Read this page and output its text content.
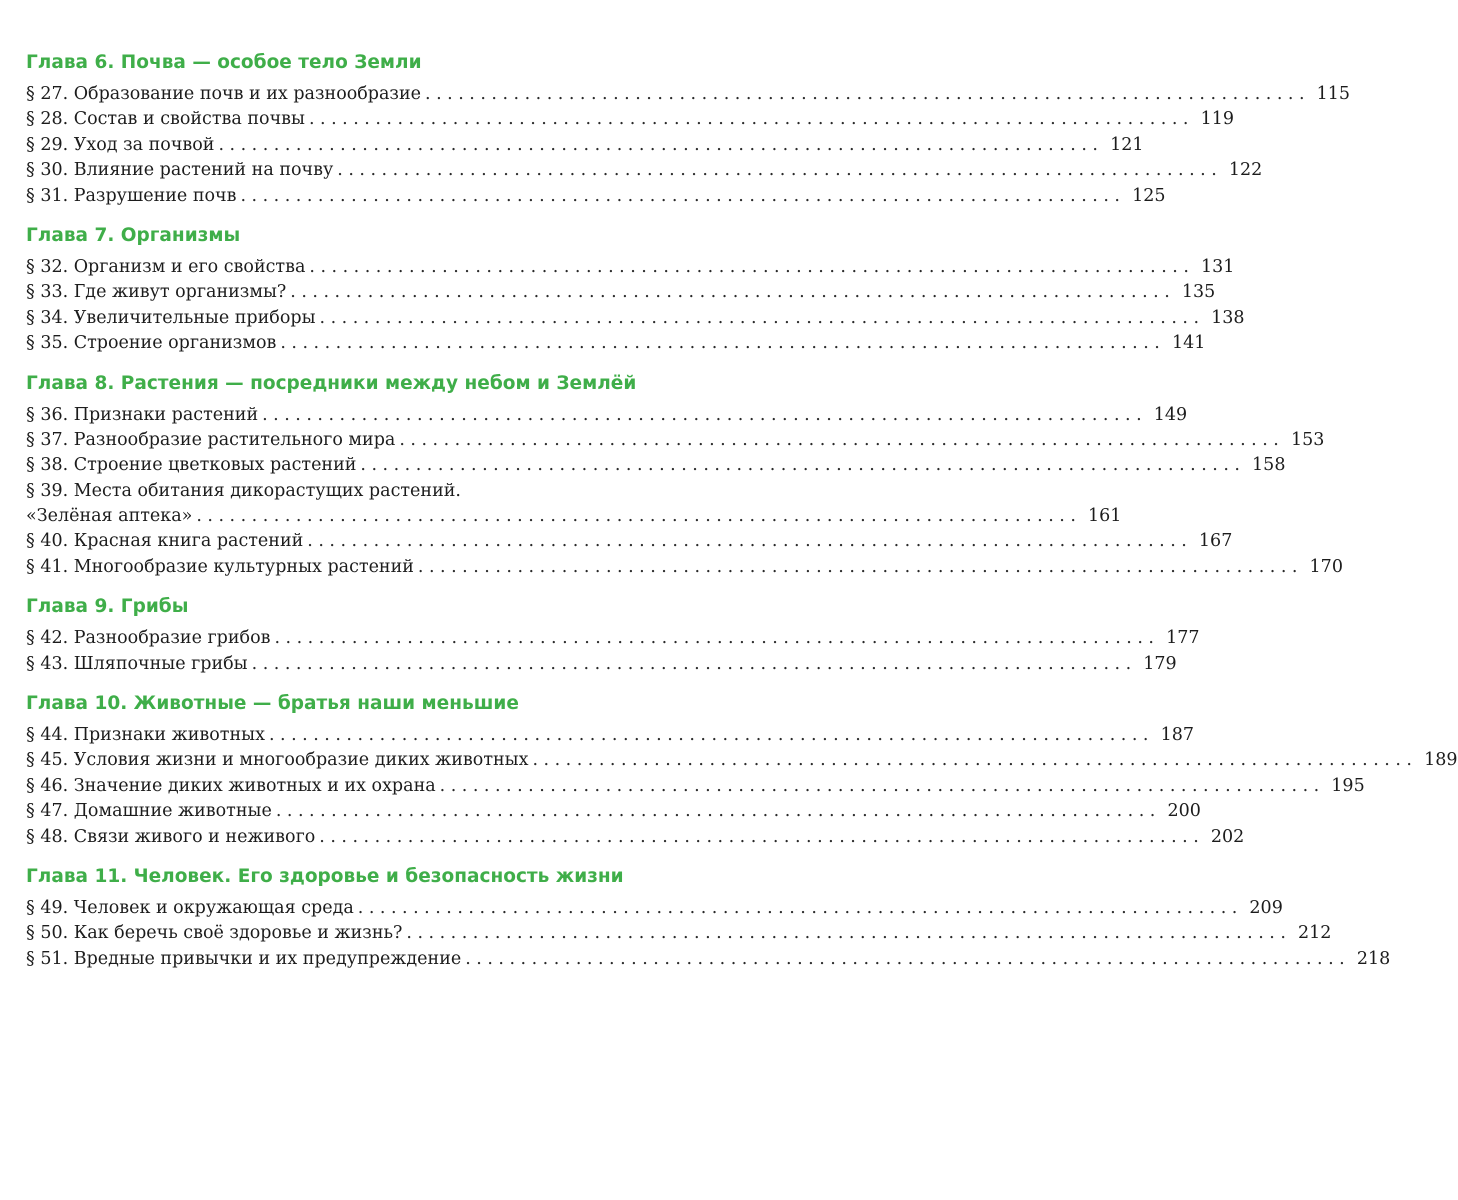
Глава 6. Почва — особое тело Земли
§ 27. Образование почв и их разнообразие ................................................................................ 115
§ 28. Состав и свойства почвы ................................................................................ 119
§ 29. Уход за почвой ................................................................................ 121
§ 30. Влияние растений на почву ................................................................................ 122
§ 31. Разрушение почв ................................................................................ 125
Глава 7. Организмы
§ 32. Организм и его свойства ................................................................................ 131
§ 33. Где живут организмы? ................................................................................ 135
§ 34. Увеличительные приборы ................................................................................ 138
§ 35. Строение организмов ................................................................................ 141
Глава 8. Растения — посредники между небом и Землёй
§ 36. Признаки растений ................................................................................ 149
§ 37. Разнообразие растительного мира ................................................................................ 153
§ 38. Строение цветковых растений ................................................................................ 158
§ 39. Места обитания дикорастущих растений.
«Зелёная аптека» ................................................................................ 161
§ 40. Красная книга растений ................................................................................ 167
§ 41. Многообразие культурных растений ................................................................................ 170
Глава 9. Грибы
§ 42. Разнообразие грибов ................................................................................ 177
§ 43. Шляпочные грибы ................................................................................ 179
Глава 10. Животные — братья наши меньшие
§ 44. Признаки животных ................................................................................ 187
§ 45. Условия жизни и многообразие диких животных ................................................................................ 189
§ 46. Значение диких животных и их охрана ................................................................................ 195
§ 47. Домашние животные ................................................................................ 200
§ 48. Связи живого и неживого ................................................................................ 202
Глава 11. Человек. Его здоровье и безопасность жизни
§ 49. Человек и окружающая среда ................................................................................ 209
§ 50. Как беречь своё здоровье и жизнь? ................................................................................ 212
§ 51. Вредные привычки и их предупреждение ................................................................................ 218
